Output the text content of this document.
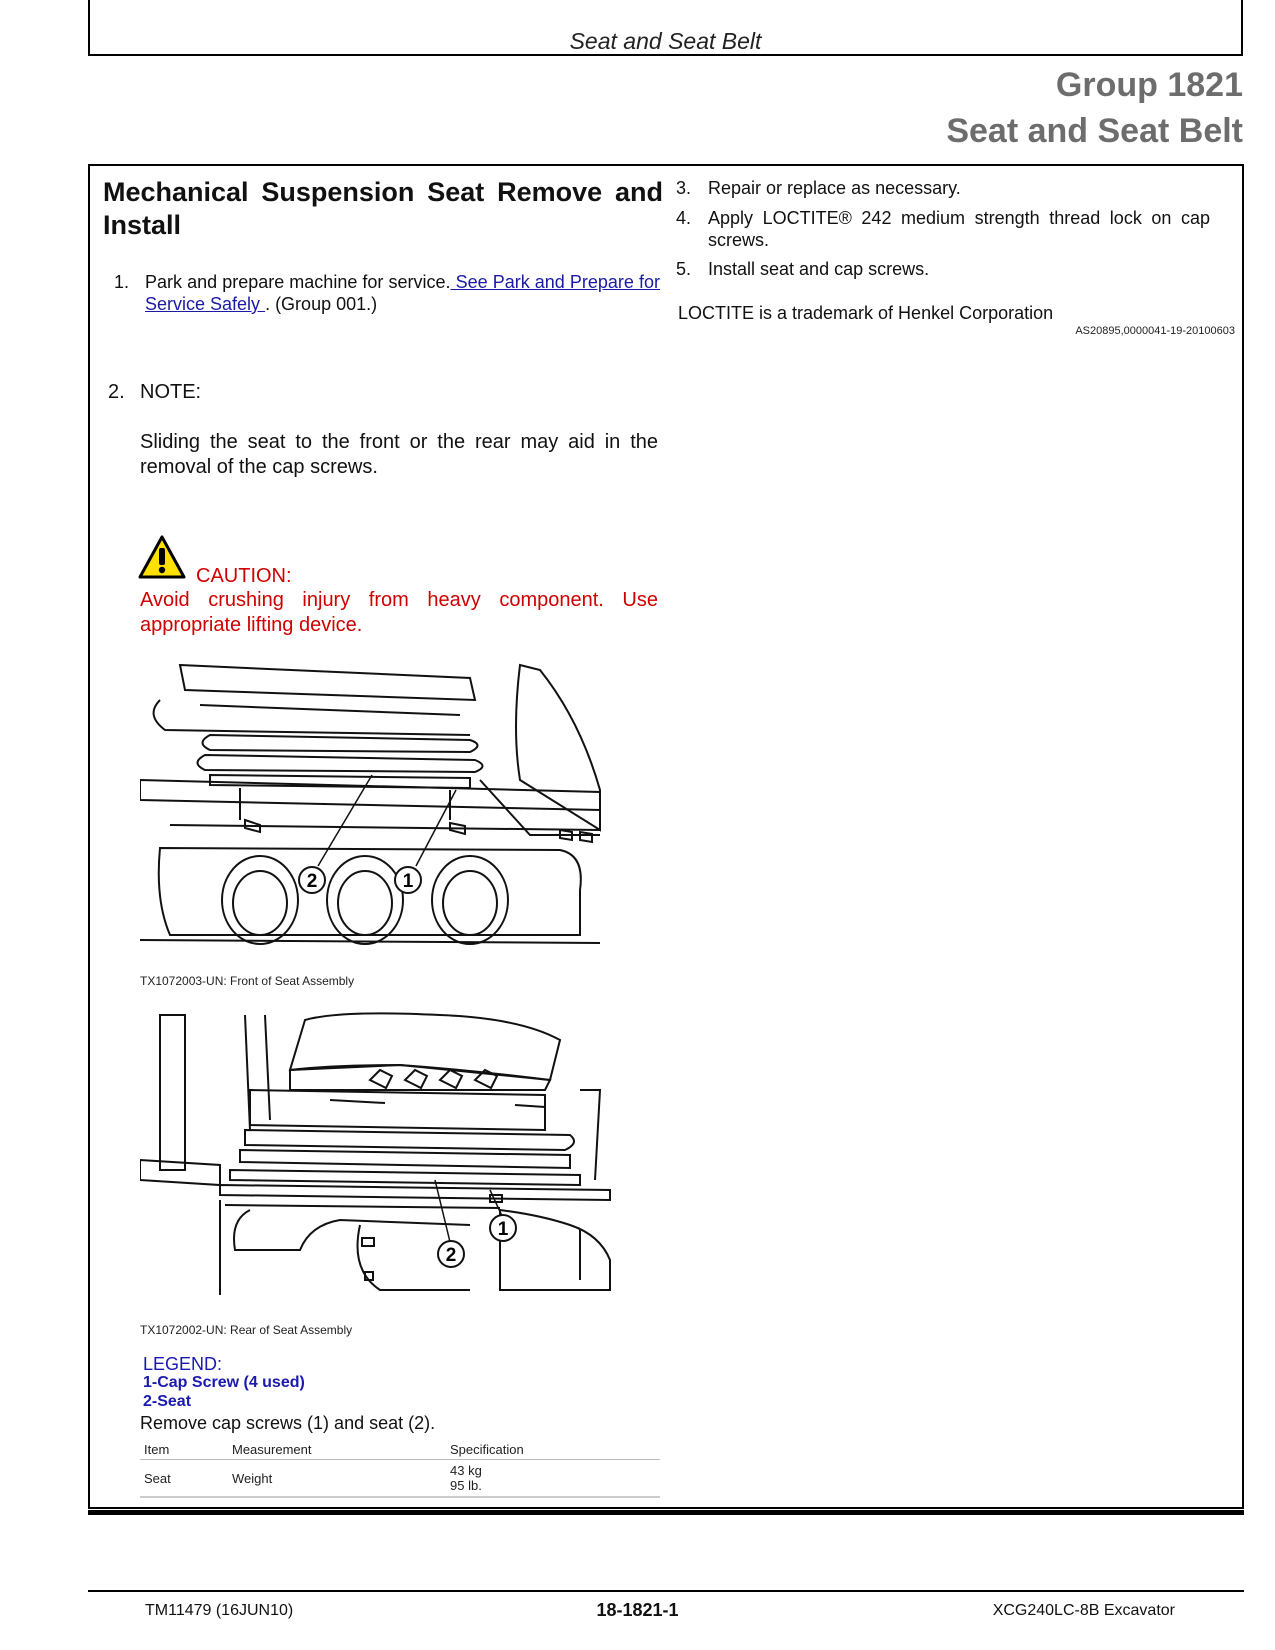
Seat and Seat Belt
Group 1821
Seat and Seat Belt
Mechanical Suspension Seat Remove and Install
1. Park and prepare machine for service. See Park and Prepare for Service Safely . (Group 001.)
2. NOTE:
Sliding the seat to the front or the rear may aid in the removal of the cap screws.
CAUTION:
Avoid crushing injury from heavy component. Use appropriate lifting device.
2	1
TX1072003-UN: Front of Seat Assembly
2
1
TX1072002-UN: Rear of Seat Assembly
LEGEND:
1-Cap Screw (4 used)
2-Seat
Remove cap screws (1) and seat (2).
Item	Measurement	Specification
Seat	Weight	43 kg
95 lb.
3. Repair or replace as necessary.
4. Apply LOCTITE® 242 medium strength thread lock on cap screws.
5. Install seat and cap screws.
LOCTITE is a trademark of Henkel Corporation
AS20895,0000041-19-20100603
TM11479 (16JUN10)	18-1821-1	XCG240LC-8B Excavator
